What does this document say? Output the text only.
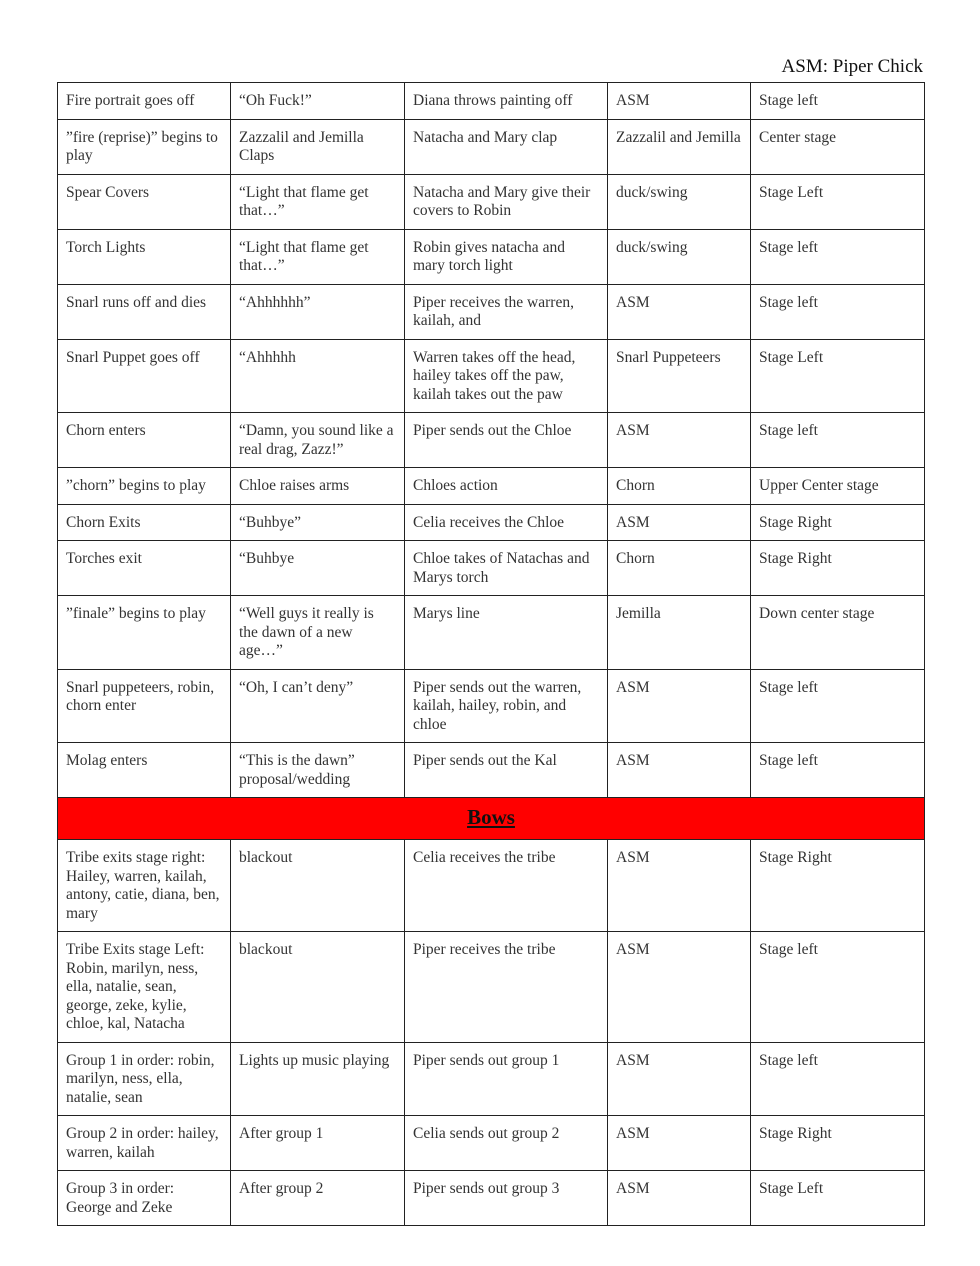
ASM: Piper Chick
Fire portrait goes off	“Oh Fuck!”	Diana throws painting off	ASM	Stage left
”fire (reprise)” begins to play	Zazzalil and Jemilla Claps	Natacha and Mary clap	Zazzalil and Jemilla	Center stage
Spear Covers	“Light that flame get that…”	Natacha and Mary give their covers to Robin	duck/swing	Stage Left
Torch Lights	“Light that flame get that…”	Robin gives natacha and mary torch light	duck/swing	Stage left
Snarl runs off and dies	“Ahhhhhh”	Piper receives the warren, kailah, and	ASM	Stage left
Snarl Puppet goes off	“Ahhhhh	Warren takes off the head, hailey takes off the paw, kailah takes out the paw	Snarl Puppeteers	Stage Left
Chorn enters	“Damn, you sound like a real drag, Zazz!”	Piper sends out the Chloe	ASM	Stage left
”chorn” begins to play	Chloe raises arms	Chloes action	Chorn	Upper Center stage
Chorn Exits	“Buhbye”	Celia receives the Chloe	ASM	Stage Right
Torches exit	“Buhbye	Chloe takes of Natachas and Marys torch	Chorn	Stage Right
”finale” begins to play	“Well guys it really is the dawn of a new age…”	Marys line	Jemilla	Down center stage
Snarl puppeteers, robin, chorn enter	“Oh, I can’t deny”	Piper sends out the warren, kailah, hailey, robin, and chloe	ASM	Stage left
Molag enters	“This is the dawn” proposal/wedding	Piper sends out the Kal	ASM	Stage left
Bows				
Tribe exits stage right: Hailey, warren, kailah, antony, catie, diana, ben, mary	blackout	Celia receives the tribe	ASM	Stage Right
Tribe Exits stage Left: Robin, marilyn, ness, ella, natalie, sean, george, zeke, kylie, chloe, kal, Natacha	blackout	Piper receives the tribe	ASM	Stage left
Group 1 in order: robin, marilyn, ness, ella, natalie, sean	Lights up music playing	Piper sends out group 1	ASM	Stage left
Group 2 in order: hailey, warren, kailah	After group 1	Celia sends out group 2	ASM	Stage Right
Group 3 in order: George and Zeke	After group 2	Piper sends out group 3	ASM	Stage Left
